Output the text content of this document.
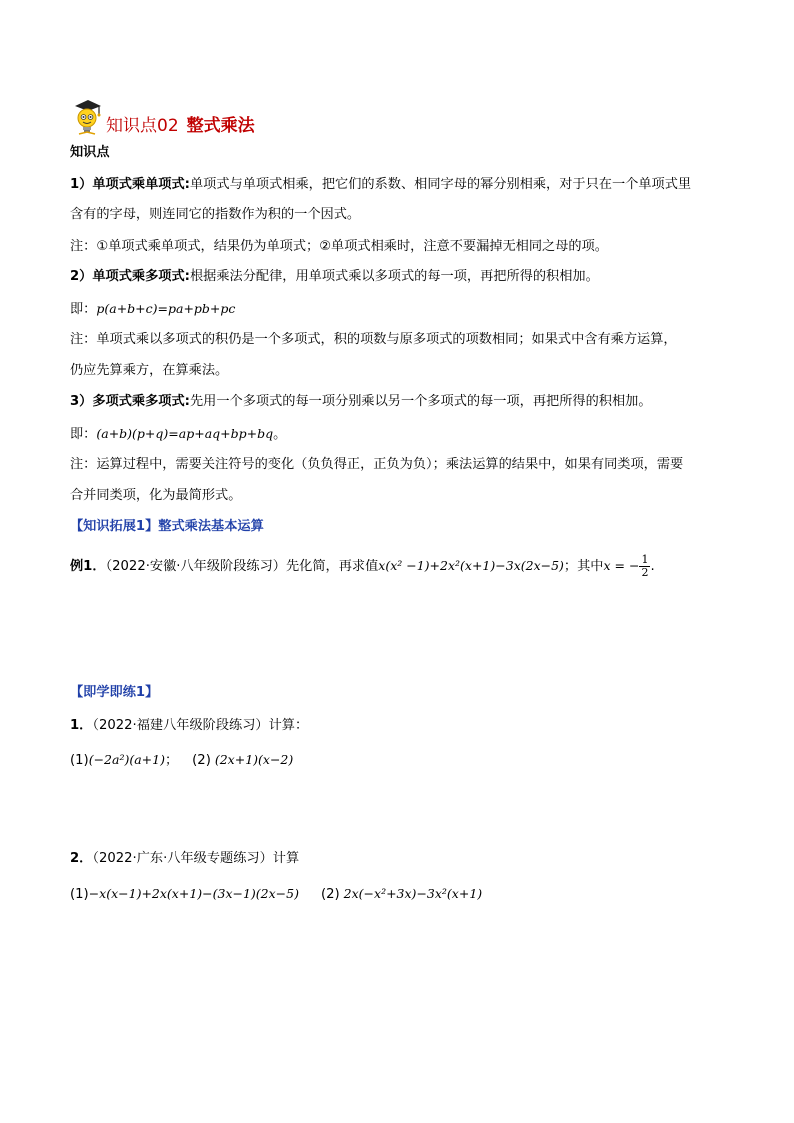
知识点02 整式乘法
知识点
1）单项式乘单项式:单项式与单项式相乘，把它们的系数、相同字母的幂分别相乘，对于只在一个单项式里
含有的字母，则连同它的指数作为积的一个因式。
注：①单项式乘单项式，结果仍为单项式；②单项式相乘时，注意不要漏掉无相同之母的项。
2）单项式乘多项式:根据乘法分配律，用单项式乘以多项式的每一项，再把所得的积相加。
即：p(a+b+c)=pa+pb+pc
注：单项式乘以多项式的积仍是一个多项式，积的项数与原多项式的项数相同；如果式中含有乘方运算，
仍应先算乘方，在算乘法。
3）多项式乘多项式:先用一个多项式的每一项分别乘以另一个多项式的每一项，再把所得的积相加。
即：(a+b)(p+q)=ap+aq+bp+bq。
注：运算过程中，需要关注符号的变化（负负得正，正负为负）；乘法运算的结果中，如果有同类项，需要
合并同类项，化为最简形式。
【知识拓展1】整式乘法基本运算
例1．（2022·安徽·八年级阶段练习）先化简，再求值x(x² −1)+2x²(x+1)−3x(2x−5)；其中x = − $\frac{1}{2}$ .
【即学即练1】
1．（2022·福建八年级阶段练习）计算：
(1)(−2a²)(a+1)； (2) (2x+1)(x−2)
2．（2022·广东·八年级专题练习）计算
(1)−x(x−1)+2x(x+1)−(3x−1)(2x−5) (2) 2x(−x²+3x)−3x²(x+1)
